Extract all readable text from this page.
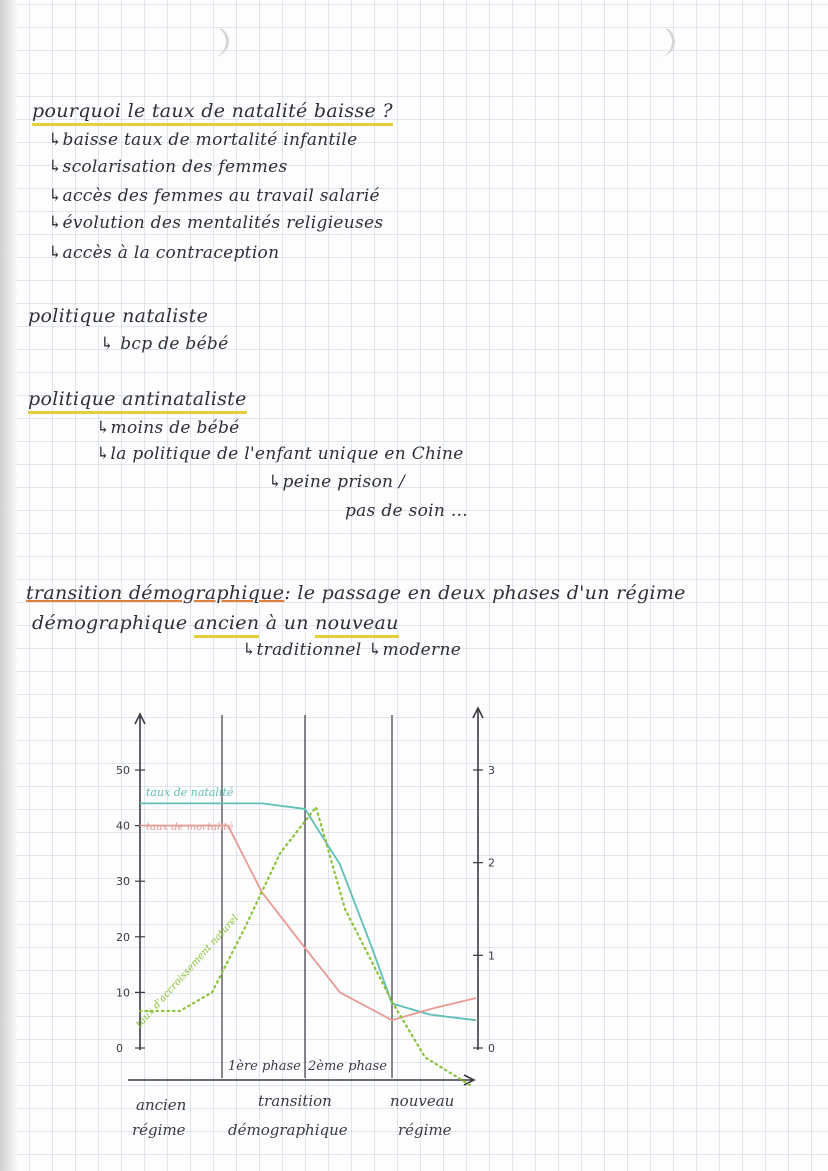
pourquoi le taux de natalité baisse ?
↳baisse taux de mortalité infantile
↳scolarisation des femmes
↳accès des femmes au travail salarié
↳évolution des mentalités religieuses
↳accès à la contraception
politique nataliste
↳ bcp de bébé
politique antinataliste
↳moins de bébé
↳la politique de l'enfant unique en Chine
↳peine prison /
pas de soin ...
transition démographique: le passage en deux phases d'un régime
démographique ancien à un nouveau
↳traditionnel ↳moderne
50
40
30
20
10
0
3
2
1
0
taux de natalité
taux de mortalité
taux d'accroissement naturel
1ère phase 2ème phase
ancien
régime
transition
démographique
nouveau
régime
